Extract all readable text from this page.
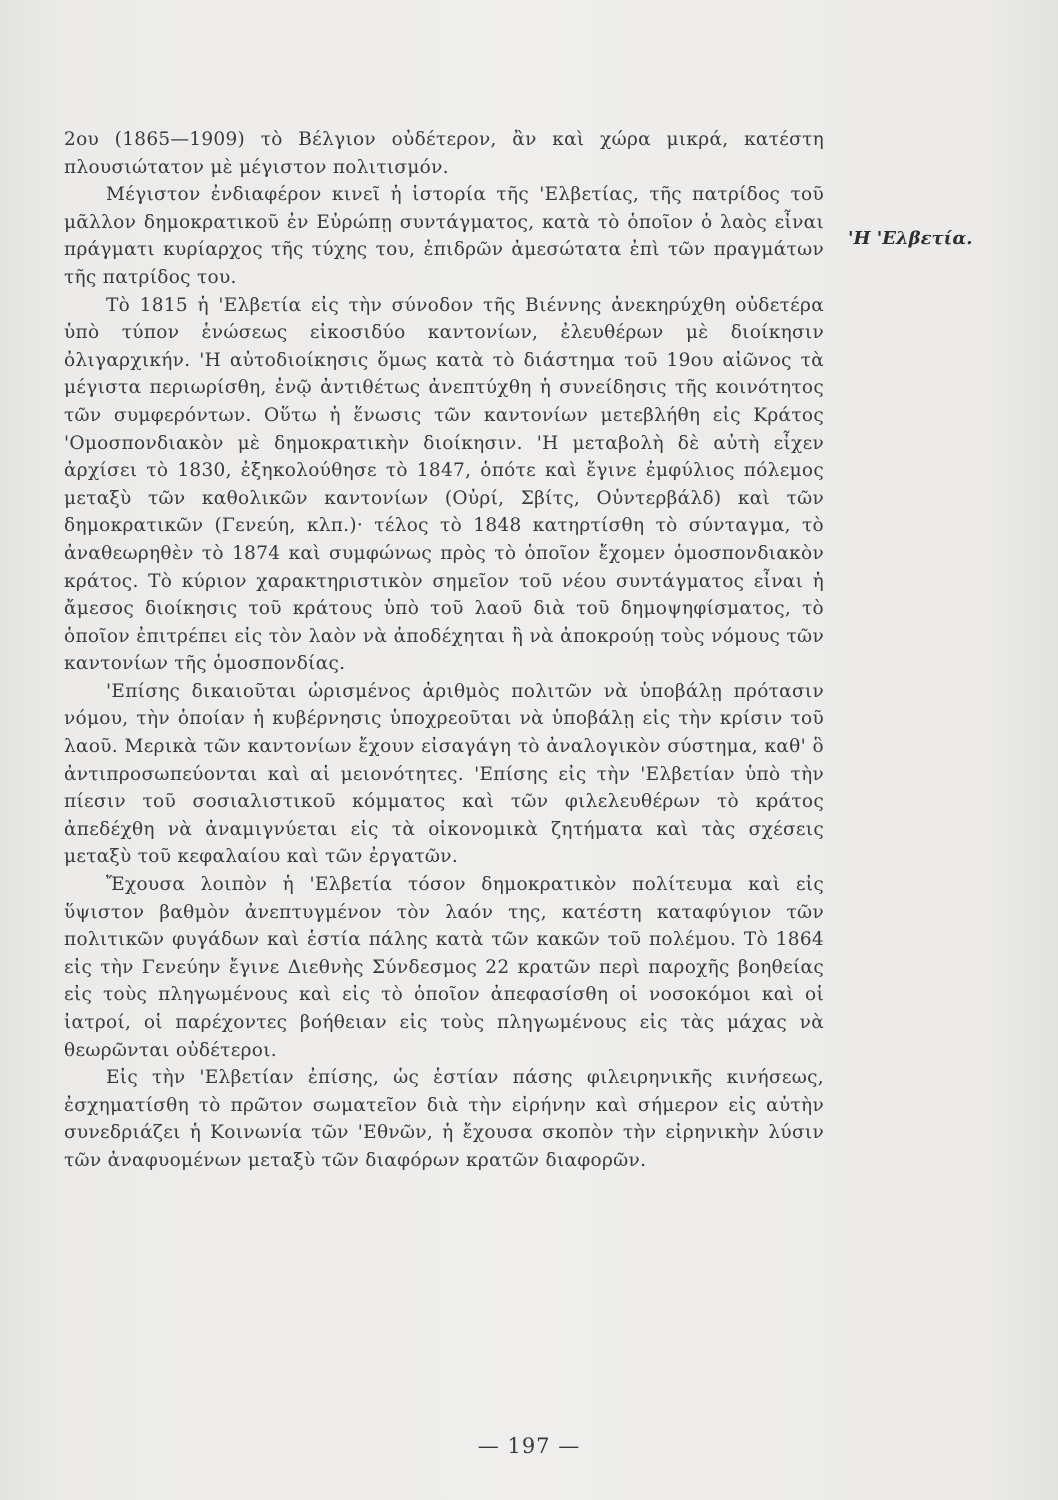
'Η 'Ελβετία.

2ου (1865—1909) τὸ Βέλγιον οὐδέτερον, ἂν καὶ χώρα μικρά, κατέστη πλουσιώτατον μὲ μέγιστον πολιτισμόν.

Μέγιστον ἐνδιαφέρον κινεῖ ἡ ἱστορία τῆς 'Ελβετίας, τῆς πατρίδος τοῦ μᾶλλον δημοκρατικοῦ ἐν Εὐρώπῃ συντάγματος, κατὰ τὸ ὁποῖον ὁ λαὸς εἶναι πράγματι κυρίαρχος τῆς τύχης του, ἐπιδρῶν ἀμεσώτατα ἐπὶ τῶν πραγμάτων τῆς πατρίδος του.

Τὸ 1815 ἡ 'Ελβετία εἰς τὴν σύνοδον τῆς Βιέννης ἀνεκηρύχθη οὐδετέρα ὑπὸ τύπον ἑνώσεως εἰκοσιδύο καντονίων, ἐλευθέρων μὲ διοίκησιν ὀλιγαρχικήν. 'Η αὐτοδιοίκησις ὅμως κατὰ τὸ διάστημα τοῦ 19ου αἰῶνος τὰ μέγιστα περιωρίσθη, ἐνῷ ἀντιθέτως ἀνεπτύχθη ἡ συνείδησις τῆς κοινότητος τῶν συμφερόντων. Οὕτω ἡ ἕνωσις τῶν καντονίων μετεβλήθη εἰς Κράτος 'Ομοσπονδιακὸν μὲ δημοκρατικὴν διοίκησιν. 'Η μεταβολὴ δὲ αὐτὴ εἶχεν ἀρχίσει τὸ 1830, ἐξηκολούθησε τὸ 1847, ὁπότε καὶ ἔγινε ἐμφύλιος πόλεμος μεταξὺ τῶν καθολικῶν καντονίων (Οὐρί, Σβίτς, Οὐντερβάλδ) καὶ τῶν δημοκρατικῶν (Γενεύη, κλπ.)· τέλος τὸ 1848 κατηρτίσθη τὸ σύνταγμα, τὸ ἀναθεωρηθὲν τὸ 1874 καὶ συμφώνως πρὸς τὸ ὁποῖον ἔχομεν ὁμοσπονδιακὸν κράτος. Τὸ κύριον χαρακτηριστικὸν σημεῖον τοῦ νέου συντάγματος εἶναι ἡ ἄμεσος διοίκησις τοῦ κράτους ὑπὸ τοῦ λαοῦ διὰ τοῦ δημοψηφίσματος, τὸ ὁποῖον ἐπιτρέπει εἰς τὸν λαὸν νὰ ἀποδέχηται ἢ νὰ ἀποκρούῃ τοὺς νόμους τῶν καντονίων τῆς ὁμοσπονδίας.

'Επίσης δικαιοῦται ὡρισμένος ἀριθμὸς πολιτῶν νὰ ὑποβάλῃ πρότασιν νόμου, τὴν ὁποίαν ἡ κυβέρνησις ὑποχρεοῦται νὰ ὑποβάλῃ εἰς τὴν κρίσιν τοῦ λαοῦ. Μερικὰ τῶν καντονίων ἔχουν εἰσαγάγη τὸ ἀναλογικὸν σύστημα, καθ' ὃ ἀντιπροσωπεύονται καὶ αἱ μειονότητες. 'Επίσης εἰς τὴν 'Ελβετίαν ὑπὸ τὴν πίεσιν τοῦ σοσιαλιστικοῦ κόμματος καὶ τῶν φιλελευθέρων τὸ κράτος ἀπεδέχθη νὰ ἀναμιγνύεται εἰς τὰ οἰκονομικὰ ζητήματα καὶ τὰς σχέσεις μεταξὺ τοῦ κεφαλαίου καὶ τῶν ἐργατῶν.

Ἔχουσα λοιπὸν ἡ 'Ελβετία τόσον δημοκρατικὸν πολίτευμα καὶ εἰς ὕψιστον βαθμὸν ἀνεπτυγμένον τὸν λαόν της, κατέστη καταφύγιον τῶν πολιτικῶν φυγάδων καὶ ἑστία πάλης κατὰ τῶν κακῶν τοῦ πολέμου. Τὸ 1864 εἰς τὴν Γενεύην ἔγινε Διεθνὴς Σύνδεσμος 22 κρατῶν περὶ παροχῆς βοηθείας εἰς τοὺς πληγωμένους καὶ εἰς τὸ ὁποῖον ἀπεφασίσθη οἱ νοσοκόμοι καὶ οἱ ἰατροί, οἱ παρέχοντες βοήθειαν εἰς τοὺς πληγωμένους εἰς τὰς μάχας νὰ θεωρῶνται οὐδέτεροι.

Εἰς τὴν 'Ελβετίαν ἐπίσης, ὡς ἑστίαν πάσης φιλειρηνικῆς κινήσεως, ἐσχηματίσθη τὸ πρῶτον σωματεῖον διὰ τὴν εἰρήνην καὶ σήμερον εἰς αὐτὴν συνεδριάζει ἡ Κοινωνία τῶν 'Εθνῶν, ἡ ἔχουσα σκοπὸν τὴν εἰρηνικὴν λύσιν τῶν ἀναφυομένων μεταξὺ τῶν διαφόρων κρατῶν διαφορῶν.

— 197 —
